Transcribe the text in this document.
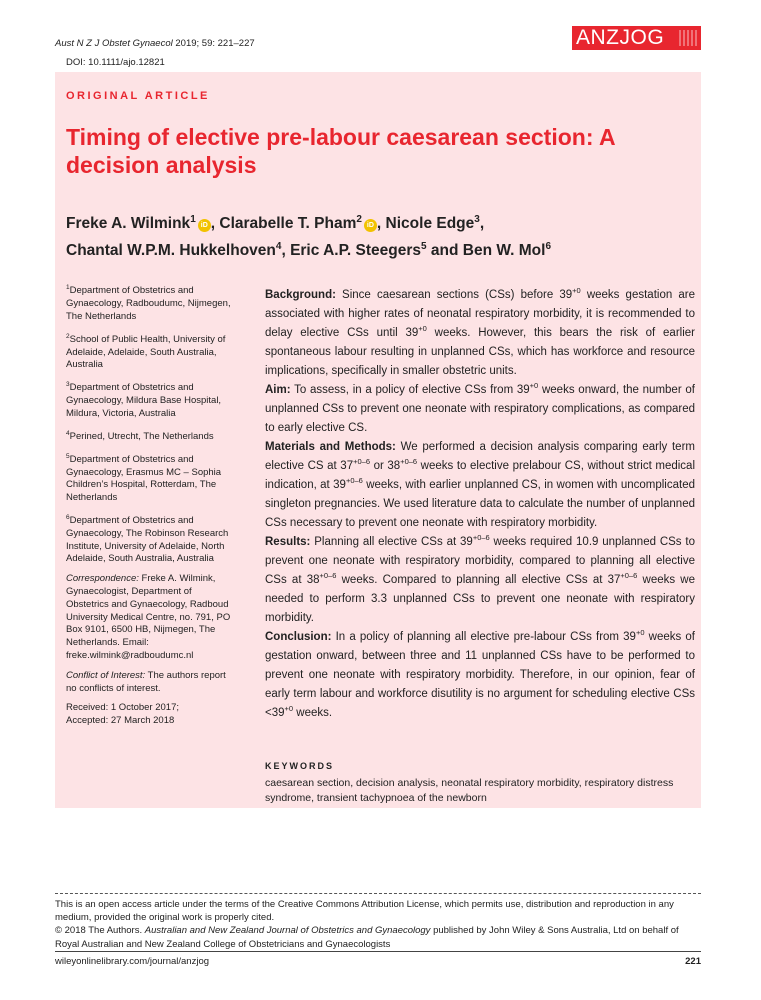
Aust N Z J Obstet Gynaecol 2019; 59: 221–227
DOI: 10.1111/ajo.12821
ANZJOG
ORIGINAL ARTICLE
Timing of elective pre-labour caesarean section: A decision analysis
Freke A. Wilmink$^1$iD , Clarabelle T. Pham$^2$iD , Nicole Edge$^3$,
Chantal W.P.M. Hukkelhoven$^4$, Eric A.P. Steegers$^5$ and Ben W. Mol$^6$

$^1$Department of Obstetrics and Gynaecology, Radboudumc, Nijmegen, The Netherlands

$^2$School of Public Health, University of Adelaide, Adelaide, South Australia, Australia

$^3$Department of Obstetrics and Gynaecology, Mildura Base Hospital, Mildura, Victoria, Australia

$^4$Perined, Utrecht, The Netherlands

$^5$Department of Obstetrics and Gynaecology, Erasmus MC – Sophia Children’s Hospital, Rotterdam, The Netherlands

$^6$Department of Obstetrics and Gynaecology, The Robinson Research Institute, University of Adelaide, North Adelaide, South Australia, Australia

Correspondence: Freke A. Wilmink, Gynaecologist, Department of Obstetrics and Gynaecology, Radboud University Medical Centre, no. 791, PO Box 9101, 6500 HB, Nijmegen, The Netherlands. Email: freke.wilmink@radboudumc.nl

Conflict of Interest: The authors report no conflicts of interest.

Received: 1 October 2017;
Accepted: 27 March 2018

Background: Since caesarean sections (CSs) before $39^{+0}$ weeks gestation are associated with higher rates of neonatal respiratory morbidity, it is recommended to delay elective CSs until $39^{+0}$ weeks. However, this bears the risk of earlier spontaneous labour resulting in unplanned CSs, which has workforce and resource implications, specifically in smaller obstetric units.

Aim: To assess, in a policy of elective CSs from $39^{+0}$ weeks onward, the number of unplanned CSs to prevent one neonate with respiratory complications, as compared to early elective CS.

Materials and Methods: We performed a decision analysis comparing early term elective CS at $37^{+0-6}$ or $38^{+0-6}$ weeks to elective prelabour CS, without strict medical indication, at $39^{+0-6}$ weeks, with earlier unplanned CS, in women with uncomplicated singleton pregnancies. We used literature data to calculate the number of unplanned CSs necessary to prevent one neonate with respiratory morbidity.

Results: Planning all elective CSs at $39^{+0-6}$ weeks required 10.9 unplanned CSs to prevent one neonate with respiratory morbidity, compared to planning all elective CSs at $38^{+0-6}$ weeks. Compared to planning all elective CSs at $37^{+0-6}$ weeks we needed to perform 3.3 unplanned CSs to prevent one neonate with respiratory morbidity.

Conclusion: In a policy of planning all elective pre-labour CSs from $39^{+0}$ weeks of gestation onward, between three and 11 unplanned CSs have to be performed to prevent one neonate with respiratory morbidity. Therefore, in our opinion, fear of early term labour and workforce disutility is no argument for scheduling elective CSs $<39^{+0}$ weeks.

KEYWORDS
caesarean section, decision analysis, neonatal respiratory morbidity, respiratory distress syndrome, transient tachypnoea of the newborn
This is an open access article under the terms of the Creative Commons Attribution License, which permits use, distribution and reproduction in any medium, provided the original work is properly cited.
© 2018 The Authors. Australian and New Zealand Journal of Obstetrics and Gynaecology published by John Wiley & Sons Australia, Ltd on behalf of Royal Australian and New Zealand College of Obstetricians and Gynaecologists
wileyonlinelibrary.com/journal/anzjog	221
